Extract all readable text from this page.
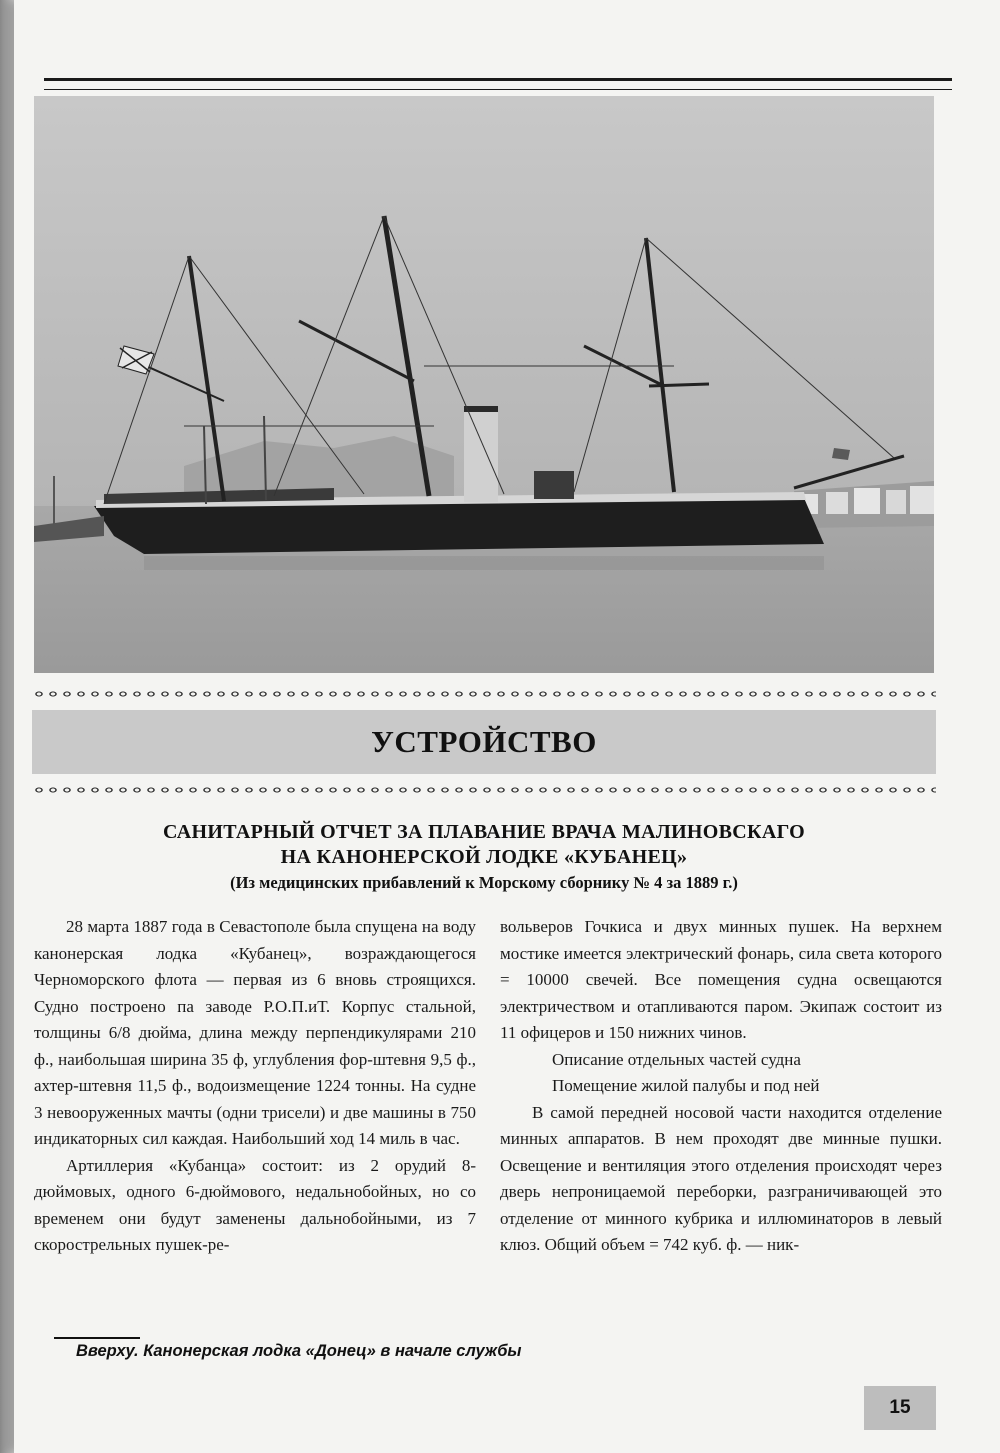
УСТРОЙСТВО
САНИТАРНЫЙ ОТЧЕТ ЗА ПЛАВАНИЕ ВРАЧА МАЛИНОВСКАГО
НА КАНОНЕРСКОЙ ЛОДКЕ «КУБАНЕЦ»
(Из медицинских прибавлений к Морскому сборнику № 4 за 1889 г.)

28 марта 1887 года в Севастополе была спущена на воду канонерская лодка «Кубанец», возраждающегося Черноморского флота — первая из 6 вновь строящихся. Судно построено па заводе Р.О.П.иТ. Корпус стальной, толщины 6/8 дюйма, длина между перпендикулярами 210 ф., наибольшая ширина 35 ф, углубления фор-штевня 9,5 ф., ахтер-штевня 11,5 ф., водоизмещение 1224 тонны. На судне 3 невооруженных мачты (одни трисели) и две машины в 750 индикаторных сил каждая. Наибольший ход 14 миль в час.

Артиллерия «Кубанца» состоит: из 2 орудий 8-дюймовых, одного 6-дюймового, недальнобойных, но со временем они будут заменены дальнобойными, из 7 скорострельных пушек-ре-

вольверов Гочкиса и двух минных пушек. На верхнем мостике имеется электрический фонарь, сила света которого = 10000 свечей. Все помещения судна освещаются электричеством и отапливаются паром. Экипаж состоит из 11 офицеров и 150 нижних чинов.

Описание отдельных частей судна

Помещение жилой палубы и под ней

В самой передней носовой части находится отделение минных аппаратов. В нем проходят две минные пушки. Освещение и вентиляция этого отделения происходят через дверь непроницаемой переборки, разграничивающей это отделение от минного кубрика и иллюминаторов в левый клюз. Общий объем = 742 куб. ф. — ник-

Вверху. Канонерская лодка «Донец» в начале службы
15
